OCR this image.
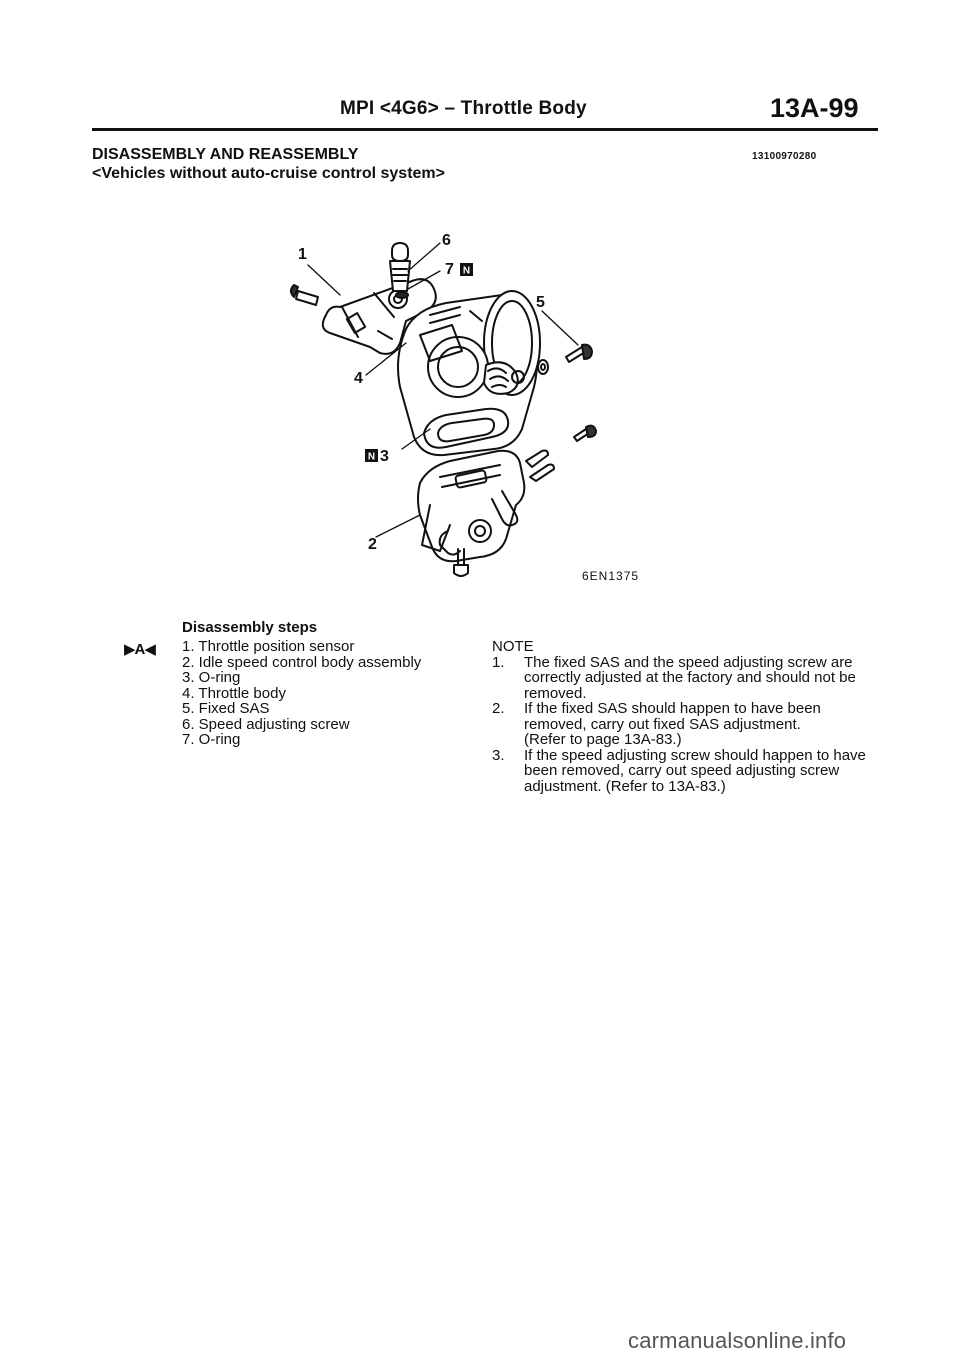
MPI <4G6> – Throttle Body	13A-99
DISASSEMBLY AND REASSEMBLY
<Vehicles without auto-cruise control system>
13100970280
1
2
3
4
5
6
7 N
N
6EN1375
Disassembly steps
▶A◀ 1. Throttle position sensor
2. Idle speed control body assembly
3. O-ring
4. Throttle body
5. Fixed SAS
6. Speed adjusting screw
7. O-ring
NOTE
1.	The fixed SAS and the speed adjusting screw are
correctly adjusted at the factory and should not be
removed.
2.	If the fixed SAS should happen to have been
removed, carry out fixed SAS adjustment.
(Refer to page 13A-83.)
3.	If the speed adjusting screw should happen to have
been removed, carry out speed adjusting screw
adjustment. (Refer to 13A-83.)
carmanualsonline.info
